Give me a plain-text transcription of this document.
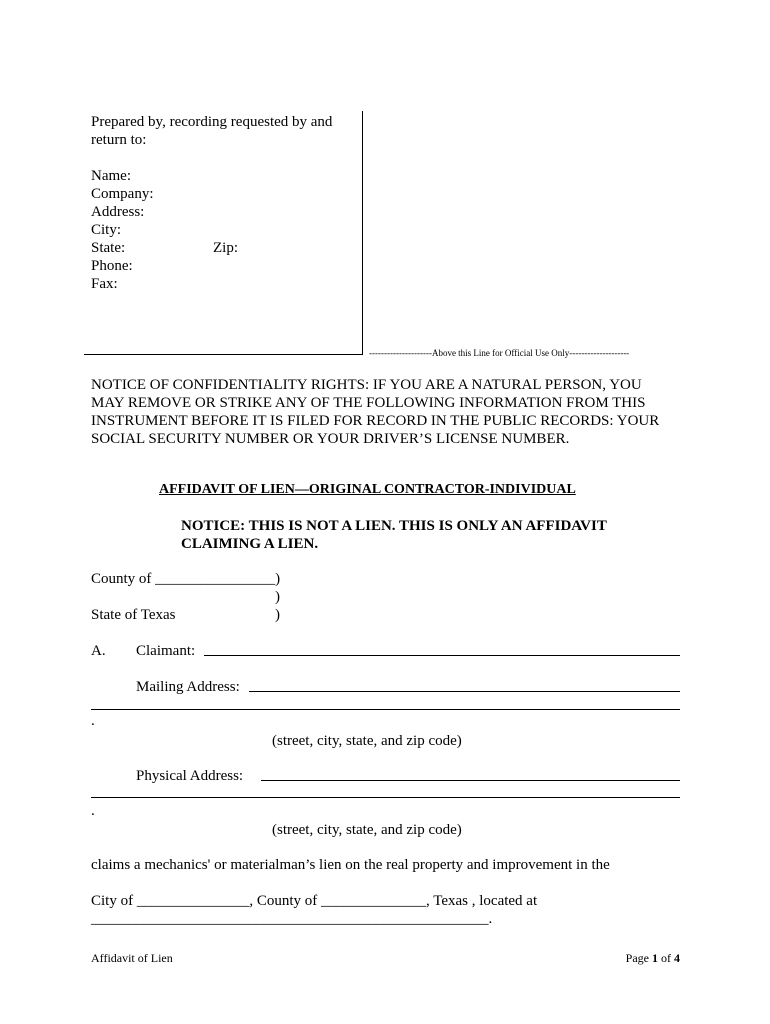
Prepared by, recording requested by and
return to:
Name:
Company:
Address:
City:
State:	Zip:
Phone:
Fax:
---------------------Above this Line for Official Use Only--------------------
NOTICE OF CONFIDENTIALITY RIGHTS: IF YOU ARE A NATURAL PERSON, YOU
MAY REMOVE OR STRIKE ANY OF THE FOLLOWING INFORMATION FROM THIS
INSTRUMENT BEFORE IT IS FILED FOR RECORD IN THE PUBLIC RECORDS: YOUR
SOCIAL SECURITY NUMBER OR YOUR DRIVER’S LICENSE NUMBER.
AFFIDAVIT OF LIEN—ORIGINAL CONTRACTOR-INDIVIDUAL
NOTICE: THIS IS NOT A LIEN. THIS IS ONLY AN AFFIDAVIT
CLAIMING A LIEN.
County of ________________)
)
State of Texas	)
A. Claimant:
Mailing Address:
.
(street, city, state, and zip code)
Physical Address:
.
(street, city, state, and zip code)
claims a mechanics' or materialman’s lien on the real property and improvement in the
City of _______________, County of ______________, Texas , located at
_____________________________________________________.
Affidavit of Lien	Page 1 of 4
